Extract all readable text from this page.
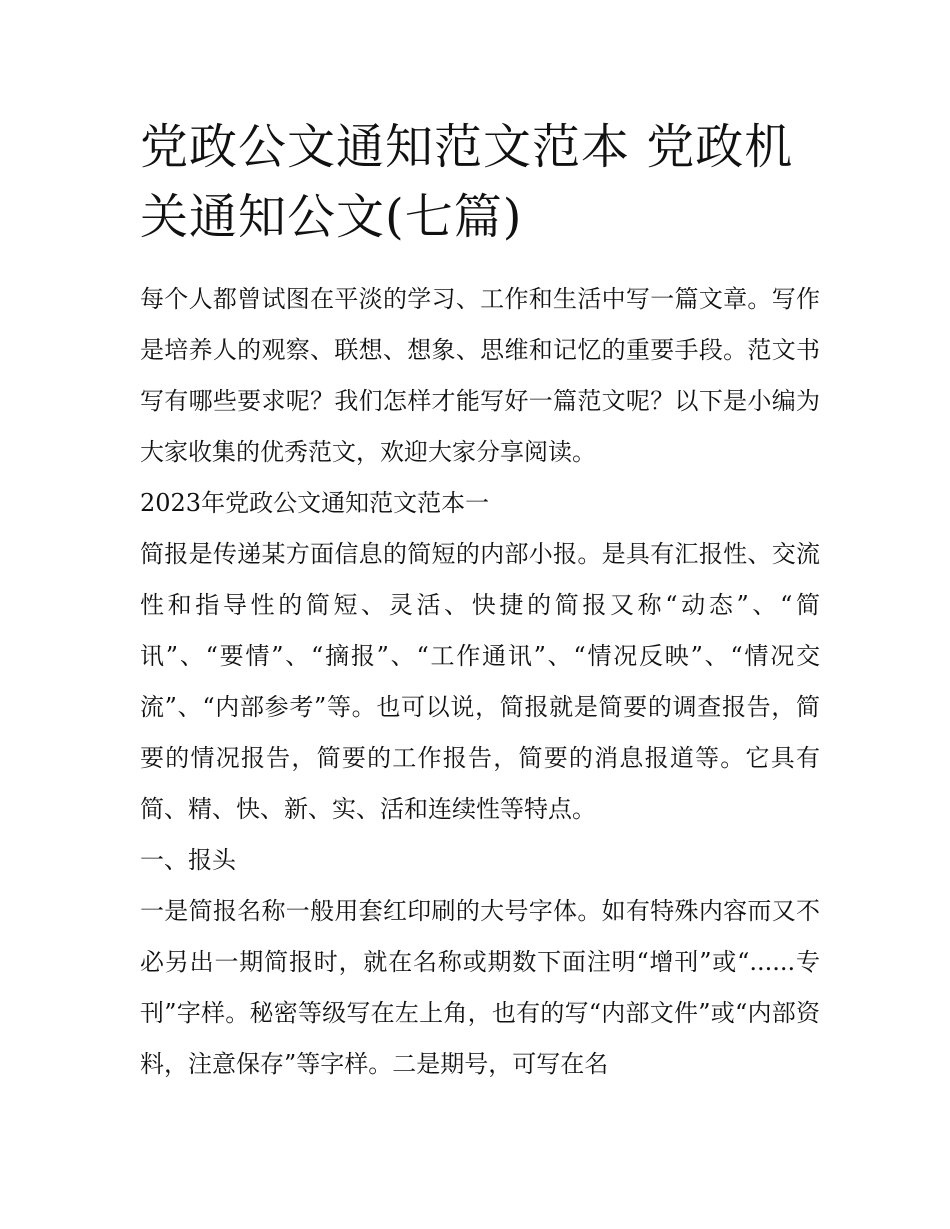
党政公文通知范文范本 党政机关通知公文(七篇)

每个人都曾试图在平淡的学习、工作和生活中写一篇文章。写作是培养人的观察、联想、想象、思维和记忆的重要手段。范文书写有哪些要求呢？我们怎样才能写好一篇范文呢？以下是小编为大家收集的优秀范文，欢迎大家分享阅读。

2023年党政公文通知范文范本一

简报是传递某方面信息的简短的内部小报。是具有汇报性、交流性和指导性的简短、灵活、快捷的简报又称“动态”、“简讯”、“要情”、“摘报”、“工作通讯”、“情况反映”、“情况交流”、“内部参考”等。也可以说，简报就是简要的调查报告，简要的情况报告，简要的工作报告，简要的消息报道等。它具有简、精、快、新、实、活和连续性等特点。

一、报头

一是简报名称一般用套红印刷的大号字体。如有特殊内容而又不必另出一期简报时，就在名称或期数下面注明“增刊”或“......专刊”字样。秘密等级写在左上角，也有的写“内部文件”或“内部资料，注意保存”等字样。二是期号，可写在名
